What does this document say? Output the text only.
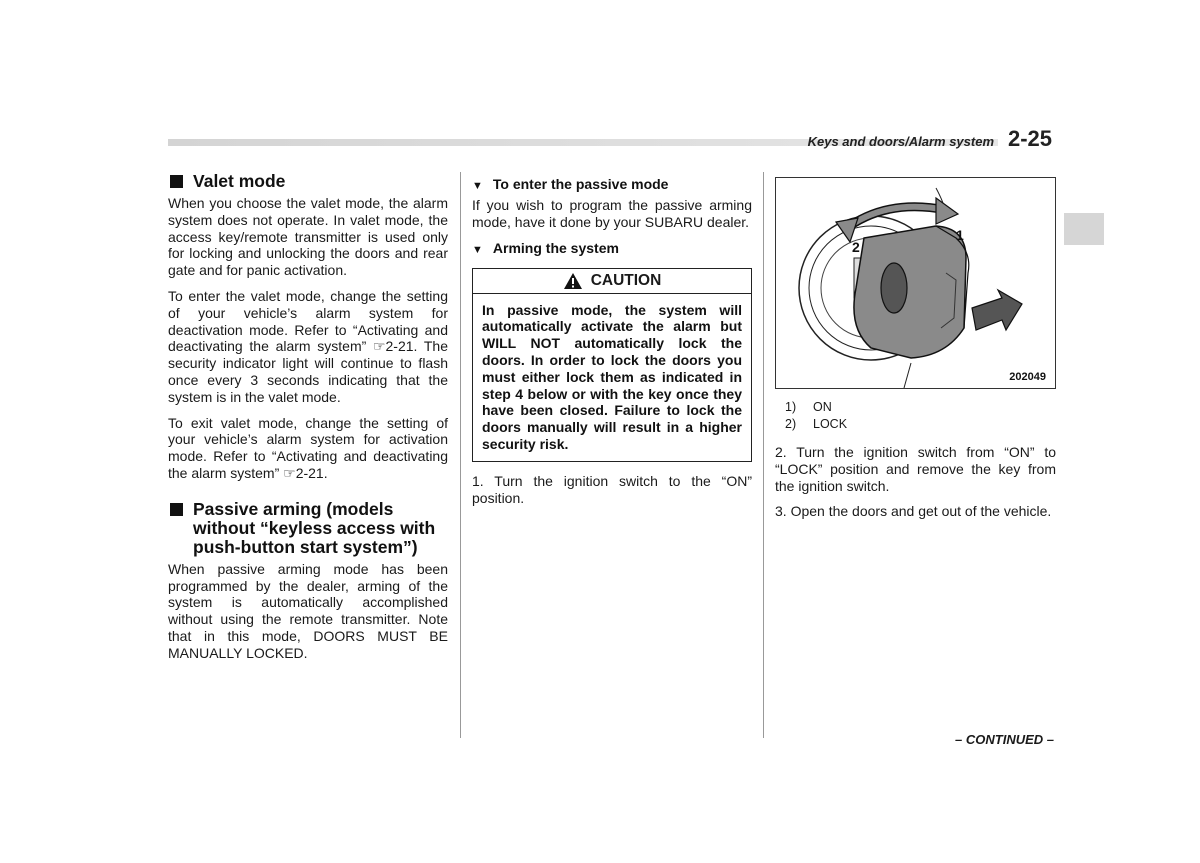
Keys and doors/Alarm system 2-25
Valet mode

When you choose the valet mode, the alarm system does not operate. In valet mode, the access key/remote transmitter is used only for locking and unlocking the doors and rear gate and for panic activation.

To enter the valet mode, change the setting of your vehicle’s alarm system for deactivation mode. Refer to “Activating and deactivating the alarm system” ☞2-21. The security indicator light will continue to flash once every 3 seconds indicating that the system is in the valet mode.

To exit valet mode, change the setting of your vehicle’s alarm system for activation mode. Refer to “Activating and deactivating the alarm system” ☞2-21.

Passive arming (models without “keyless access with push-button start system”)

When passive arming mode has been programmed by the dealer, arming of the system is automatically accomplished without using the remote transmitter. Note that in this mode, DOORS MUST BE MANUALLY LOCKED.

▼ To enter the passive mode

If you wish to program the passive arming mode, have it done by your SUBARU dealer.

▼ Arming the system
CAUTION
In passive mode, the system will automatically activate the alarm but WILL NOT automatically lock the doors. In order to lock the doors you must either lock them as indicated in step 4 below or with the key once they have been closed. Failure to lock the doors manually will result in a higher security risk.

1. Turn the ignition switch to the “ON” position.

2
1
202049
1)	ON
2)	LOCK

2. Turn the ignition switch from “ON” to “LOCK” position and remove the key from the ignition switch.

3. Open the doors and get out of the vehicle.

– CONTINUED –
